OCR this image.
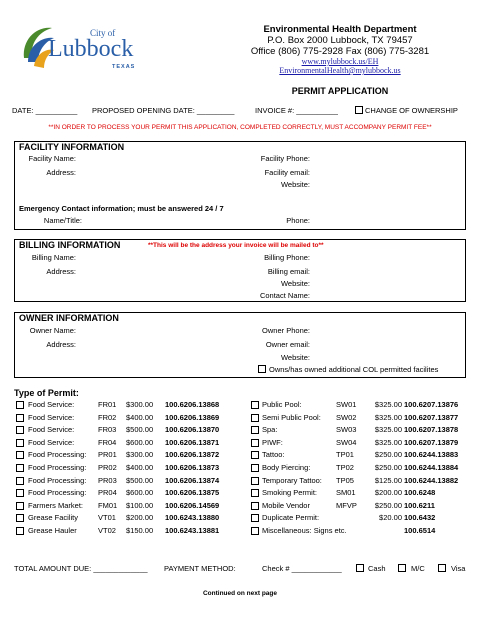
City of
Lubbock
TEXAS
Environmental Health Department
P.O. Box 2000 Lubbock, TX 79457
Office (806) 775-2928 Fax (806) 775-3281
www.mylubbock.us/EH
EnvironmentalHealth@mylubbock.us
PERMIT APPLICATION
DATE: __________ PROPOSED OPENING DATE: _________	INVOICE #: __________	CHANGE OF OWNERSHIP
**IN ORDER TO PROCESS YOUR PERMIT THIS APPLICATION, COMPLETED CORRECTLY, MUST ACCOMPANY PERMIT FEE**
FACILITY INFORMATION
Facility Name:
Address:
Facility Phone:
Facility email:
Website:
Emergency Contact information; must be answered 24 / 7
Name/Title:	Phone:
BILLING INFORMATION	**This will be the address your invoice will be mailed to**
Billing Name:
Address:
Billing Phone:
Billing email:
Website:
Contact Name:
OWNER INFORMATION
Owner Name:
Address:
Owner Phone:
Owner email:
Website:
Owns/has owned additional COL permitted facilites
Type of Permit:
Food Service:	FR01 $300.00 100.6206.13868
Food Service:	FR02 $400.00 100.6206.13869
Food Service:	FR03 $500.00 100.6206.13870
Food Service:	FR04 $600.00 100.6206.13871
Food Processing: PR01 $300.00 100.6206.13872
Food Processing: PR02 $400.00 100.6206.13873
Food Processing: PR03 $500.00 100.6206.13874
Food Processing: PR04 $600.00 100.6206.13875
Farmers Market: FM01 $100.00 100.6206.14569
Grease Facility	VT01 $200.00 100.6243.13880
Grease Hauler	VT02 $150.00 100.6243.13881
Public Pool:	SW01	$325.00 100.6207.13876
Semi Public Pool: SW02	$325.00 100.6207.13877
Spa:	SW03	$325.00 100.6207.13878
PIWF:	SW04	$325.00 100.6207.13879
Tattoo:	TP01	$250.00 100.6244.13883
Body Piercing:	TP02	$250.00 100.6244.13884
Temporary Tattoo: TP05	$125.00 100.6244.13882
Smoking Permit:	SM01	$200.00 100.6248
Mobile Vendor	MFVP	$250.00 100.6211
Duplicate Permit:	$20.00 100.6432
Miscellaneous: Signs etc.	100.6514
TOTAL AMOUNT DUE: _____________ PAYMENT METHOD:	Check # ____________	Cash	M/C	Visa
Continued on next page
